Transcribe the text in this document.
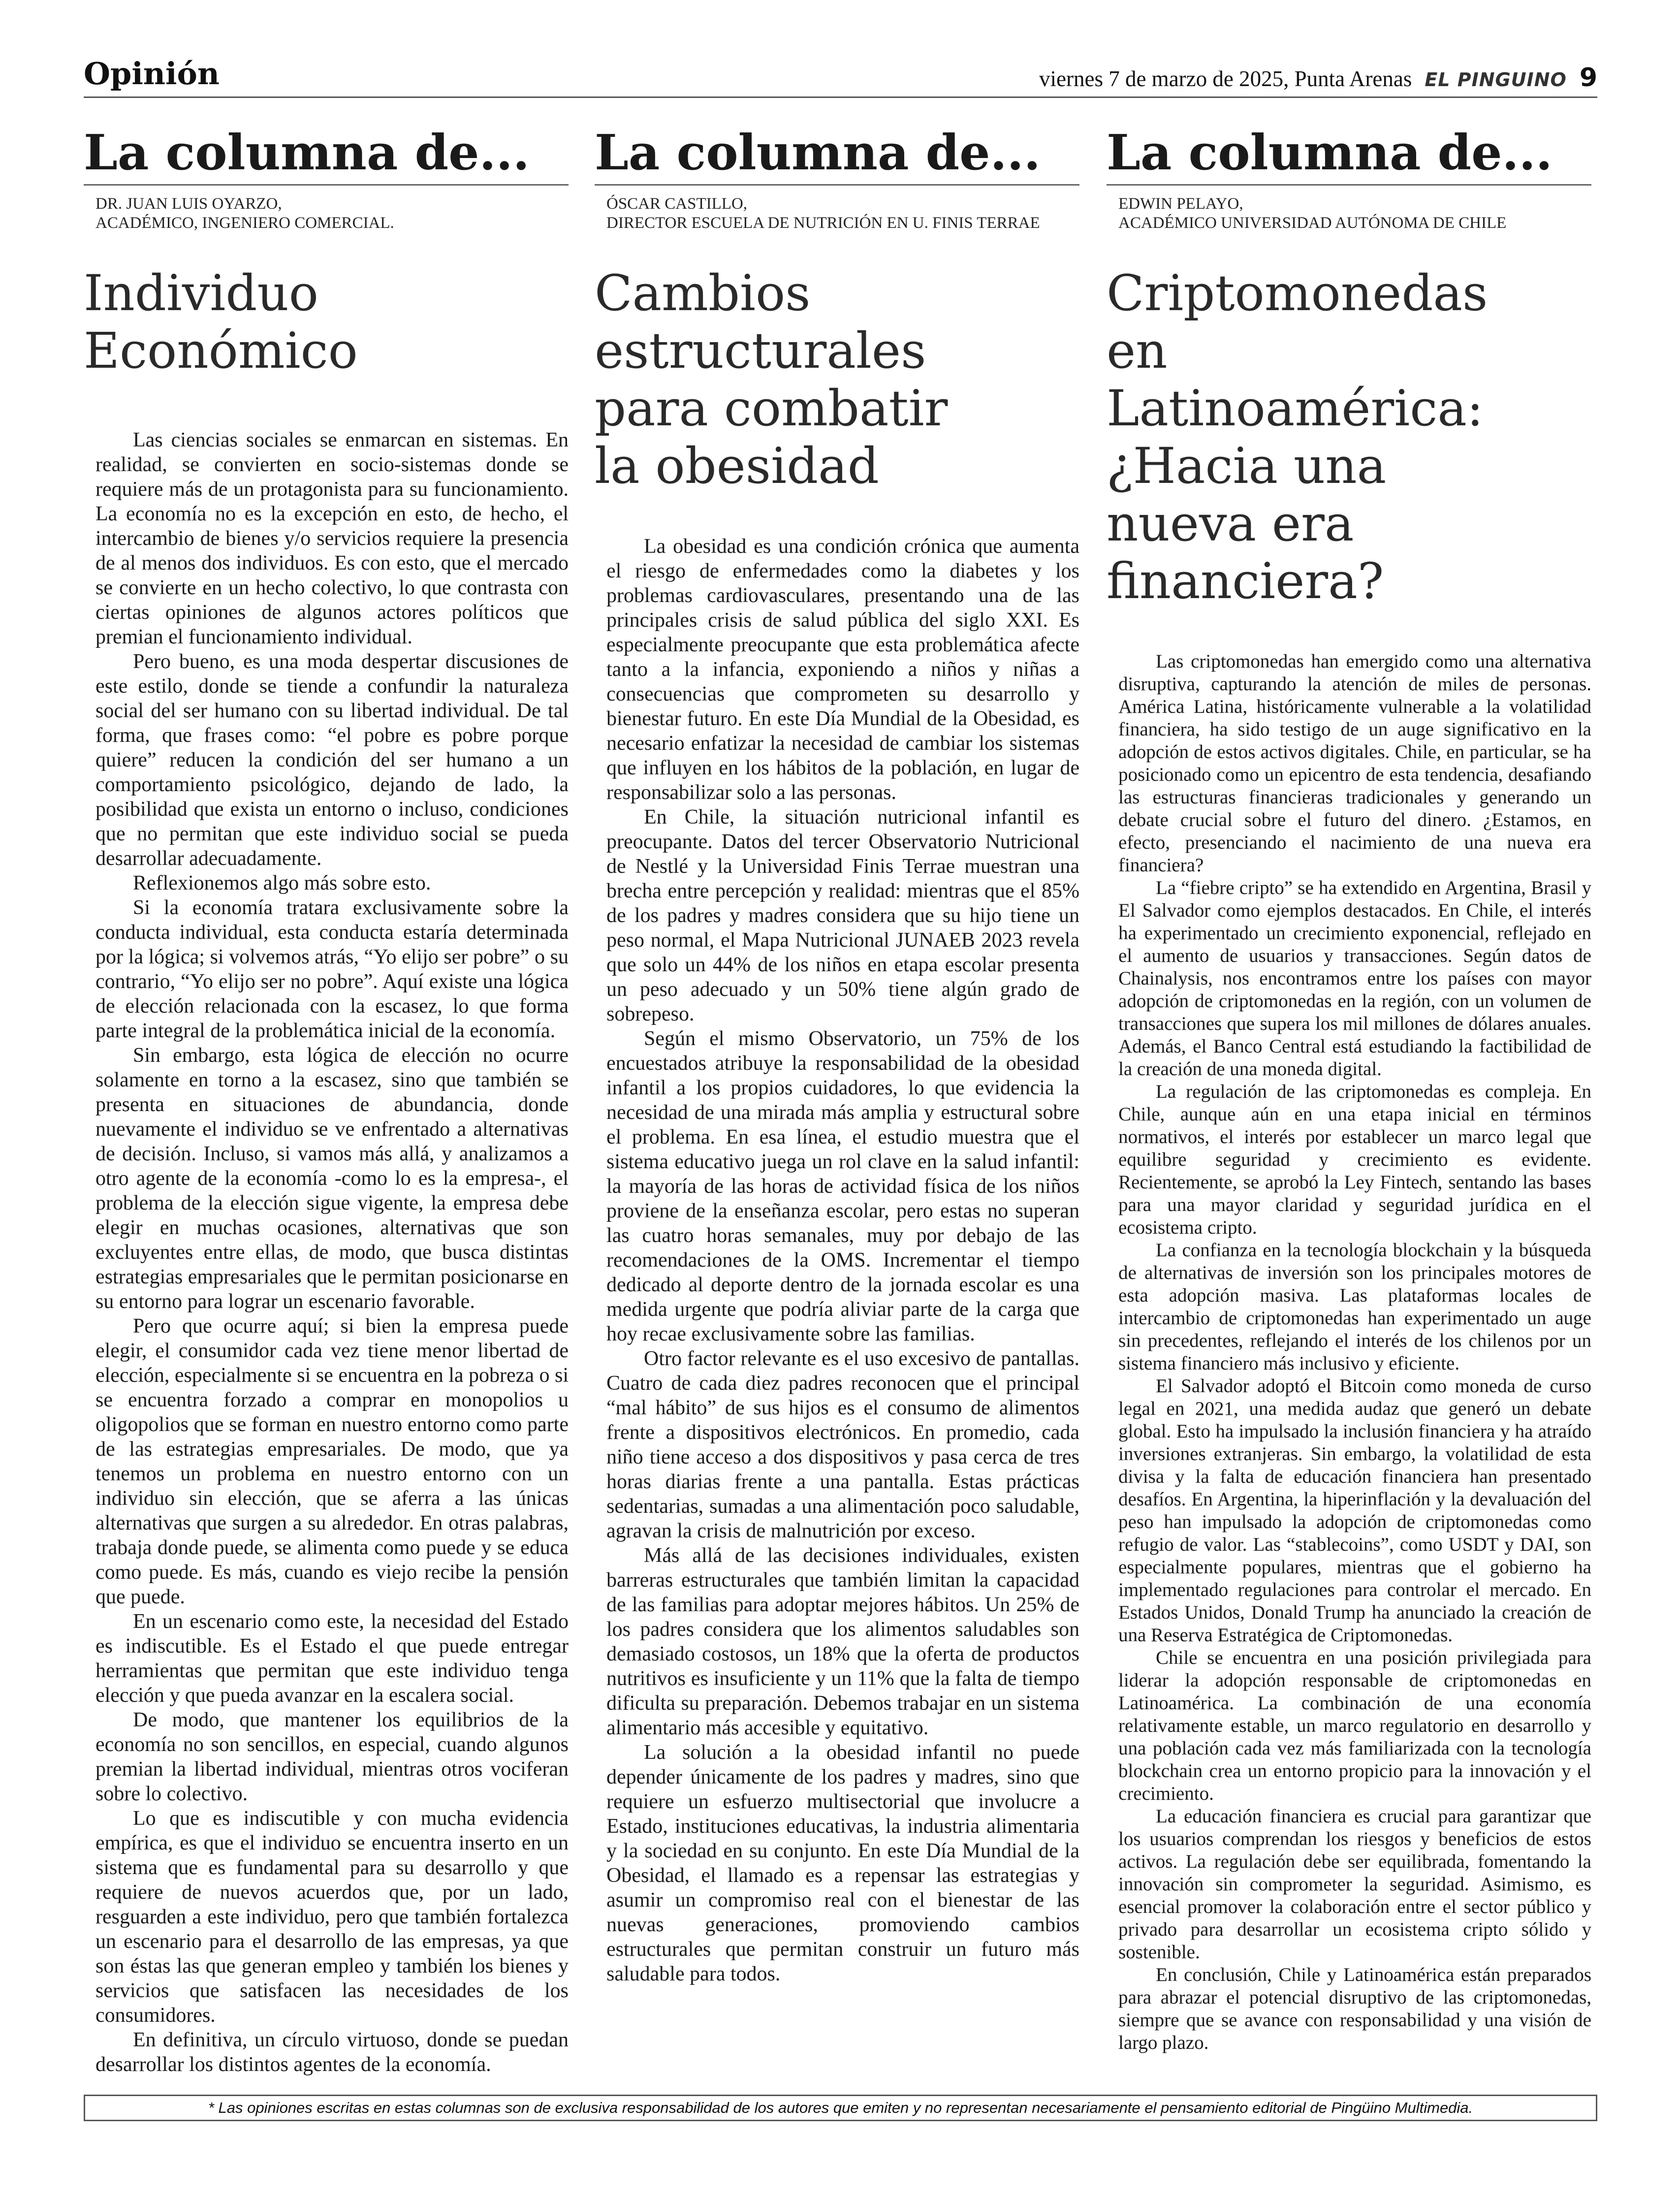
Opinión	viernes 7 de marzo de 2025, Punta Arenas EL PINGUINO 9
La columna de...
DR. JUAN LUIS OYARZO,
ACADÉMICO, INGENIERO COMERCIAL.
Individuo Económico

Las ciencias sociales se enmarcan en sistemas. En realidad, se convierten en socio-sistemas donde se requiere más de un protagonista para su funcionamiento. La economía no es la excepción en esto, de hecho, el intercambio de bienes y/o servicios requiere la presencia de al menos dos individuos. Es con esto, que el mercado se convierte en un hecho colectivo, lo que contrasta con ciertas opiniones de algunos actores políticos que premian el funcionamiento individual.

Pero bueno, es una moda despertar discusiones de este estilo, donde se tiende a confundir la naturaleza social del ser humano con su libertad individual. De tal forma, que frases como: “el pobre es pobre porque quiere” reducen la condición del ser humano a un comportamiento psicológico, dejando de lado, la posibilidad que exista un entorno o incluso, condiciones que no permitan que este individuo social se pueda desarrollar adecuadamente.

Reflexionemos algo más sobre esto.

Si la economía tratara exclusivamente sobre la conducta individual, esta conducta estaría determinada por la lógica; si volvemos atrás, “Yo elijo ser pobre” o su contrario, “Yo elijo ser no pobre”. Aquí existe una lógica de elección relacionada con la escasez, lo que forma parte integral de la problemática inicial de la economía.

Sin embargo, esta lógica de elección no ocurre solamente en torno a la escasez, sino que también se presenta en situaciones de abundancia, donde nuevamente el individuo se ve enfrentado a alternativas de decisión. Incluso, si vamos más allá, y analizamos a otro agente de la economía -como lo es la empresa-, el problema de la elección sigue vigente, la empresa debe elegir en muchas ocasiones, alternativas que son excluyentes entre ellas, de modo, que busca distintas estrategias empresariales que le permitan posicionarse en su entorno para lograr un escenario favorable.

Pero que ocurre aquí; si bien la empresa puede elegir, el consumidor cada vez tiene menor libertad de elección, especialmente si se encuentra en la pobreza o si se encuentra forzado a comprar en monopolios u oligopolios que se forman en nuestro entorno como parte de las estrategias empresariales. De modo, que ya tenemos un problema en nuestro entorno con un individuo sin elección, que se aferra a las únicas alternativas que surgen a su alrededor. En otras palabras, trabaja donde puede, se alimenta como puede y se educa como puede. Es más, cuando es viejo recibe la pensión que puede.

En un escenario como este, la necesidad del Estado es indiscutible. Es el Estado el que puede entregar herramientas que permitan que este individuo tenga elección y que pueda avanzar en la escalera social.

De modo, que mantener los equilibrios de la economía no son sencillos, en especial, cuando algunos premian la libertad individual, mientras otros vociferan sobre lo colectivo.

Lo que es indiscutible y con mucha evidencia empírica, es que el individuo se encuentra inserto en un sistema que es fundamental para su desarrollo y que requiere de nuevos acuerdos que, por un lado, resguarden a este individuo, pero que también fortalezca un escenario para el desarrollo de las empresas, ya que son éstas las que generan empleo y también los bienes y servicios que satisfacen las necesidades de los consumidores.

En definitiva, un círculo virtuoso, donde se puedan desarrollar los distintos agentes de la economía.

La columna de...
ÓSCAR CASTILLO,
DIRECTOR ESCUELA DE NUTRICIÓN EN U. FINIS TERRAE
Cambios estructurales para combatir la obesidad

La obesidad es una condición crónica que aumenta el riesgo de enfermedades como la diabetes y los problemas cardiovasculares, presentando una de las principales crisis de salud pública del siglo XXI. Es especialmente preocupante que esta problemática afecte tanto a la infancia, exponiendo a niños y niñas a consecuencias que comprometen su desarrollo y bienestar futuro. En este Día Mundial de la Obesidad, es necesario enfatizar la necesidad de cambiar los sistemas que influyen en los hábitos de la población, en lugar de responsabilizar solo a las personas.

En Chile, la situación nutricional infantil es preocupante. Datos del tercer Observatorio Nutricional de Nestlé y la Universidad Finis Terrae muestran una brecha entre percepción y realidad: mientras que el 85% de los padres y madres considera que su hijo tiene un peso normal, el Mapa Nutricional JUNAEB 2023 revela que solo un 44% de los niños en etapa escolar presenta un peso adecuado y un 50% tiene algún grado de sobrepeso.

Según el mismo Observatorio, un 75% de los encuestados atribuye la responsabilidad de la obesidad infantil a los propios cuidadores, lo que evidencia la necesidad de una mirada más amplia y estructural sobre el problema. En esa línea, el estudio muestra que el sistema educativo juega un rol clave en la salud infantil: la mayoría de las horas de actividad física de los niños proviene de la enseñanza escolar, pero estas no superan las cuatro horas semanales, muy por debajo de las recomendaciones de la OMS. Incrementar el tiempo dedicado al deporte dentro de la jornada escolar es una medida urgente que podría aliviar parte de la carga que hoy recae exclusivamente sobre las familias.

Otro factor relevante es el uso excesivo de pantallas. Cuatro de cada diez padres reconocen que el principal “mal hábito” de sus hijos es el consumo de alimentos frente a dispositivos electrónicos. En promedio, cada niño tiene acceso a dos dispositivos y pasa cerca de tres horas diarias frente a una pantalla. Estas prácticas sedentarias, sumadas a una alimentación poco saludable, agravan la crisis de malnutrición por exceso.

Más allá de las decisiones individuales, existen barreras estructurales que también limitan la capacidad de las familias para adoptar mejores hábitos. Un 25% de los padres considera que los alimentos saludables son demasiado costosos, un 18% que la oferta de productos nutritivos es insuficiente y un 11% que la falta de tiempo dificulta su preparación. Debemos trabajar en un sistema alimentario más accesible y equitativo.

La solución a la obesidad infantil no puede depender únicamente de los padres y madres, sino que requiere un esfuerzo multisectorial que involucre a Estado, instituciones educativas, la industria alimentaria y la sociedad en su conjunto. En este Día Mundial de la Obesidad, el llamado es a repensar las estrategias y asumir un compromiso real con el bienestar de las nuevas generaciones, promoviendo cambios estructurales que permitan construir un futuro más saludable para todos.

La columna de...
EDWIN PELAYO,
ACADÉMICO UNIVERSIDAD AUTÓNOMA DE CHILE
Criptomonedas en Latinoamérica: ¿Hacia una nueva era financiera?

Las criptomonedas han emergido como una alternativa disruptiva, capturando la atención de miles de personas. América Latina, históricamente vulnerable a la volatilidad financiera, ha sido testigo de un auge significativo en la adopción de estos activos digitales. Chile, en particular, se ha posicionado como un epicentro de esta tendencia, desafiando las estructuras financieras tradicionales y generando un debate crucial sobre el futuro del dinero. ¿Estamos, en efecto, presenciando el nacimiento de una nueva era financiera?

La “fiebre cripto” se ha extendido en Argentina, Brasil y El Salvador como ejemplos destacados. En Chile, el interés ha experimentado un crecimiento exponencial, reflejado en el aumento de usuarios y transacciones. Según datos de Chainalysis, nos encontramos entre los países con mayor adopción de criptomonedas en la región, con un volumen de transacciones que supera los mil millones de dólares anuales. Además, el Banco Central está estudiando la factibilidad de la creación de una moneda digital.

La regulación de las criptomonedas es compleja. En Chile, aunque aún en una etapa inicial en términos normativos, el interés por establecer un marco legal que equilibre seguridad y crecimiento es evidente. Recientemente, se aprobó la Ley Fintech, sentando las bases para una mayor claridad y seguridad jurídica en el ecosistema cripto.

La confianza en la tecnología blockchain y la búsqueda de alternativas de inversión son los principales motores de esta adopción masiva. Las plataformas locales de intercambio de criptomonedas han experimentado un auge sin precedentes, reflejando el interés de los chilenos por un sistema financiero más inclusivo y eficiente.

El Salvador adoptó el Bitcoin como moneda de curso legal en 2021, una medida audaz que generó un debate global. Esto ha impulsado la inclusión financiera y ha atraído inversiones extranjeras. Sin embargo, la volatilidad de esta divisa y la falta de educación financiera han presentado desafíos. En Argentina, la hiperinflación y la devaluación del peso han impulsado la adopción de criptomonedas como refugio de valor. Las “stablecoins”, como USDT y DAI, son especialmente populares, mientras que el gobierno ha implementado regulaciones para controlar el mercado. En Estados Unidos, Donald Trump ha anunciado la creación de una Reserva Estratégica de Criptomonedas.

Chile se encuentra en una posición privilegiada para liderar la adopción responsable de criptomonedas en Latinoamérica. La combinación de una economía relativamente estable, un marco regulatorio en desarrollo y una población cada vez más familiarizada con la tecnología blockchain crea un entorno propicio para la innovación y el crecimiento.

La educación financiera es crucial para garantizar que los usuarios comprendan los riesgos y beneficios de estos activos. La regulación debe ser equilibrada, fomentando la innovación sin comprometer la seguridad. Asimismo, es esencial promover la colaboración entre el sector público y privado para desarrollar un ecosistema cripto sólido y sostenible.

En conclusión, Chile y Latinoamérica están preparados para abrazar el potencial disruptivo de las criptomonedas, siempre que se avance con responsabilidad y una visión de largo plazo.

* Las opiniones escritas en estas columnas son de exclusiva responsabilidad de los autores que emiten y no representan necesariamente el pensamiento editorial de Pingüino Multimedia.
